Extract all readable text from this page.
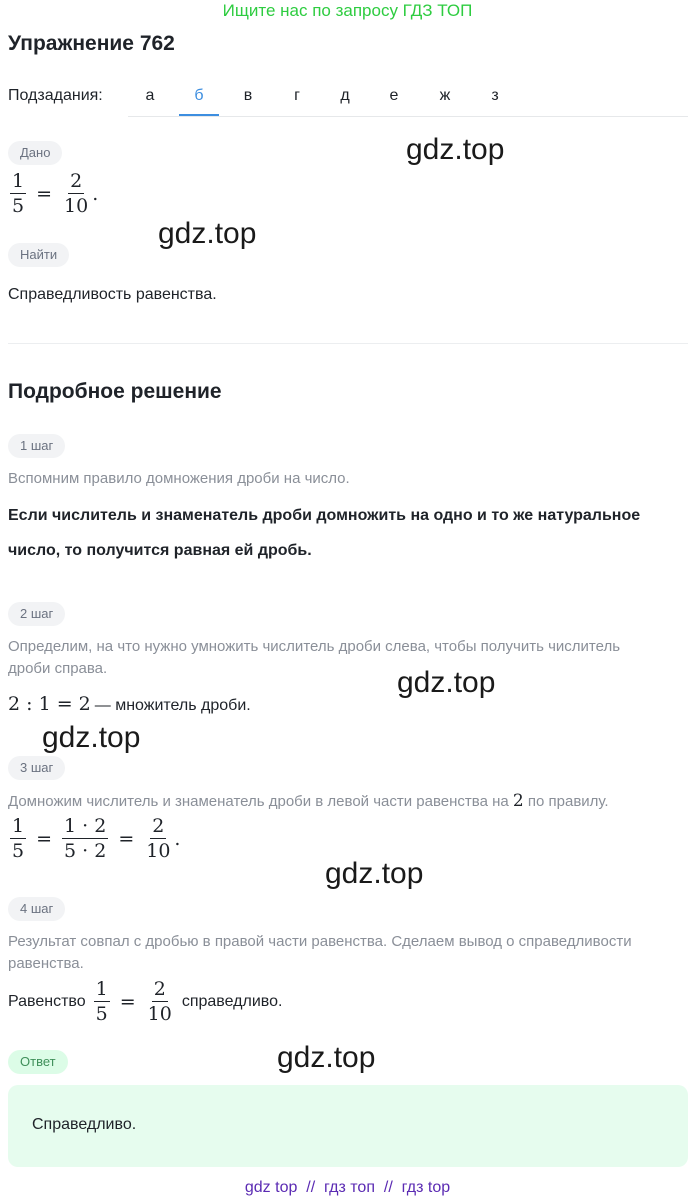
Ищите нас по запросу ГДЗ ТОП
Упражнение 762
Подзадания:	а	б	в	г	д	е	ж	з
Дано
$\frac{1}{5} = \frac{2}{10}$ .
Найти
Справедливость равенства.
Подробное решение
1 шаг
Вспомним правило домножения дроби на число.
Если числитель и знаменатель дроби домножить на одно и то же натуральное
число, то получится равная ей дробь.
2 шаг
Определим, на что нужно умножить числитель дроби слева, чтобы получить числитель
дроби справа.
2 : 1 = 2 — множитель дроби.
3 шаг
Домножим числитель и знаменатель дроби в левой части равенства на 2 по правилу.
$\frac{1}{5} = \frac{1 \cdot 2}{5 \cdot 2} = \frac{2}{10}$ .
4 шаг
Результат совпал с дробью в правой части равенства. Сделаем вывод о справедливости
равенства.
Равенство $\frac{1}{5} = \frac{2}{10}$ справедливо.
Ответ
Справедливо.
gdz.top
gdz.top
gdz.top
gdz.top
gdz.top
gdz.top
gdz top  //  гдз топ  //  гдз top
